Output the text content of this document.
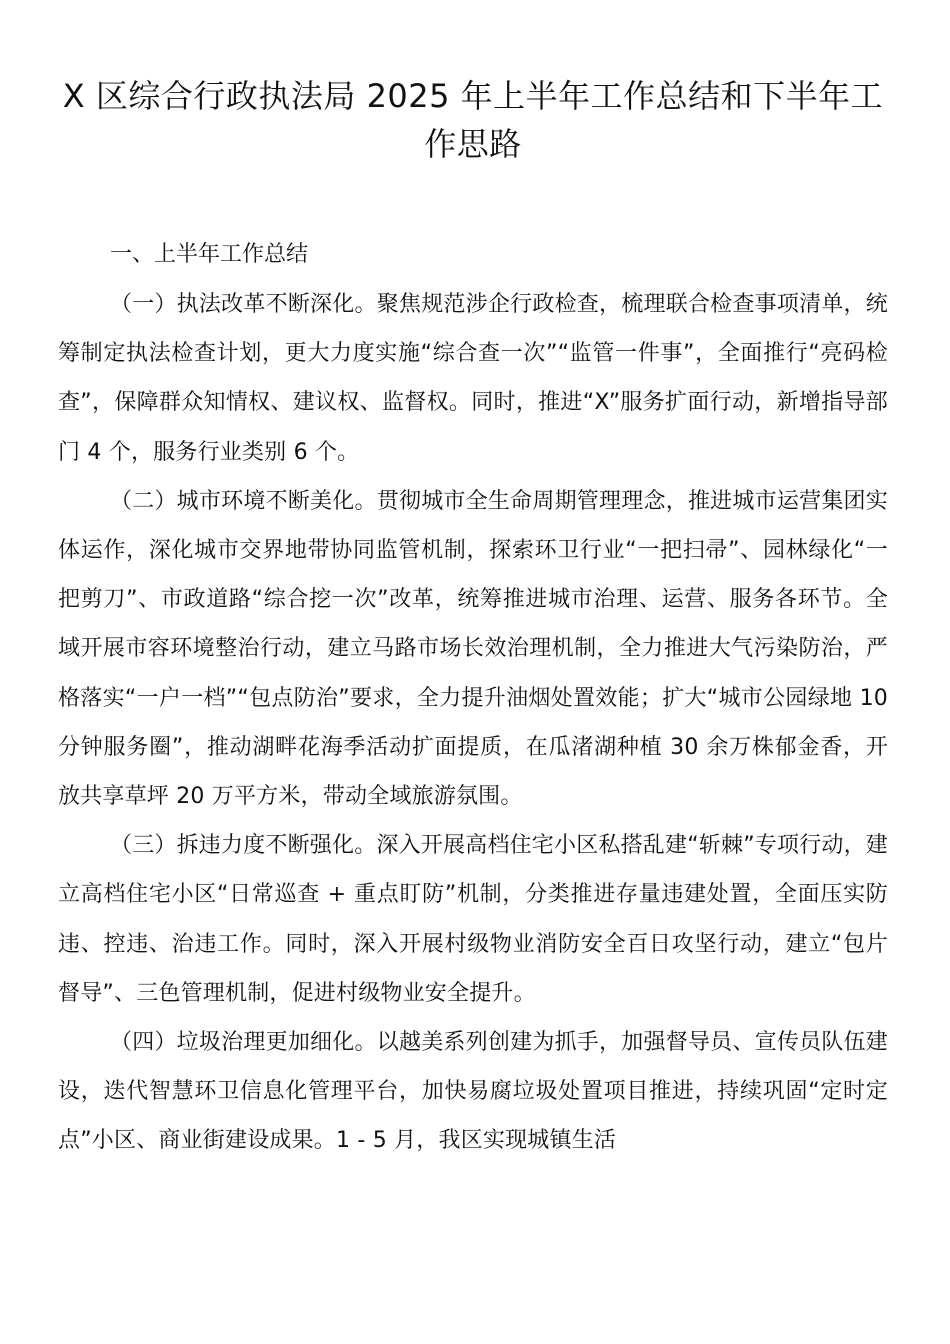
X 区综合行政执法局 2025 年上半年工作总结和下半年工作思路

一、上半年工作总结

（一）执法改革不断深化。聚焦规范涉企行政检查，梳理联合检查事项清单，统筹制定执法检查计划，更大力度实施“综合查一次”“监管一件事”，全面推行“亮码检查”，保障群众知情权、建议权、监督权。同时，推进“X”服务扩面行动，新增指导部门 4 个，服务行业类别 6 个。

（二）城市环境不断美化。贯彻城市全生命周期管理理念，推进城市运营集团实体运作，深化城市交界地带协同监管机制，探索环卫行业“一把扫帚”、园林绿化“一把剪刀”、市政道路“综合挖一次”改革，统筹推进城市治理、运营、服务各环节。全域开展市容环境整治行动，建立马路市场长效治理机制，全力推进大气污染防治，严格落实“一户一档”“包点防治”要求，全力提升油烟处置效能；扩大“城市公园绿地 10 分钟服务圈”，推动湖畔花海季活动扩面提质，在瓜渚湖种植 30 余万株郁金香，开放共享草坪 20 万平方米，带动全域旅游氛围。

（三）拆违力度不断强化。深入开展高档住宅小区私搭乱建“斩棘”专项行动，建立高档住宅小区“日常巡查 + 重点盯防”机制，分类推进存量违建处置，全面压实防违、控违、治违工作。同时，深入开展村级物业消防安全百日攻坚行动，建立“包片督导”、三色管理机制，促进村级物业安全提升。

（四）垃圾治理更加细化。以越美系列创建为抓手，加强督导员、宣传员队伍建设，迭代智慧环卫信息化管理平台，加快易腐垃圾处置项目推进，持续巩固“定时定点”小区、商业街建设成果。1 - 5 月，我区实现城镇生活
